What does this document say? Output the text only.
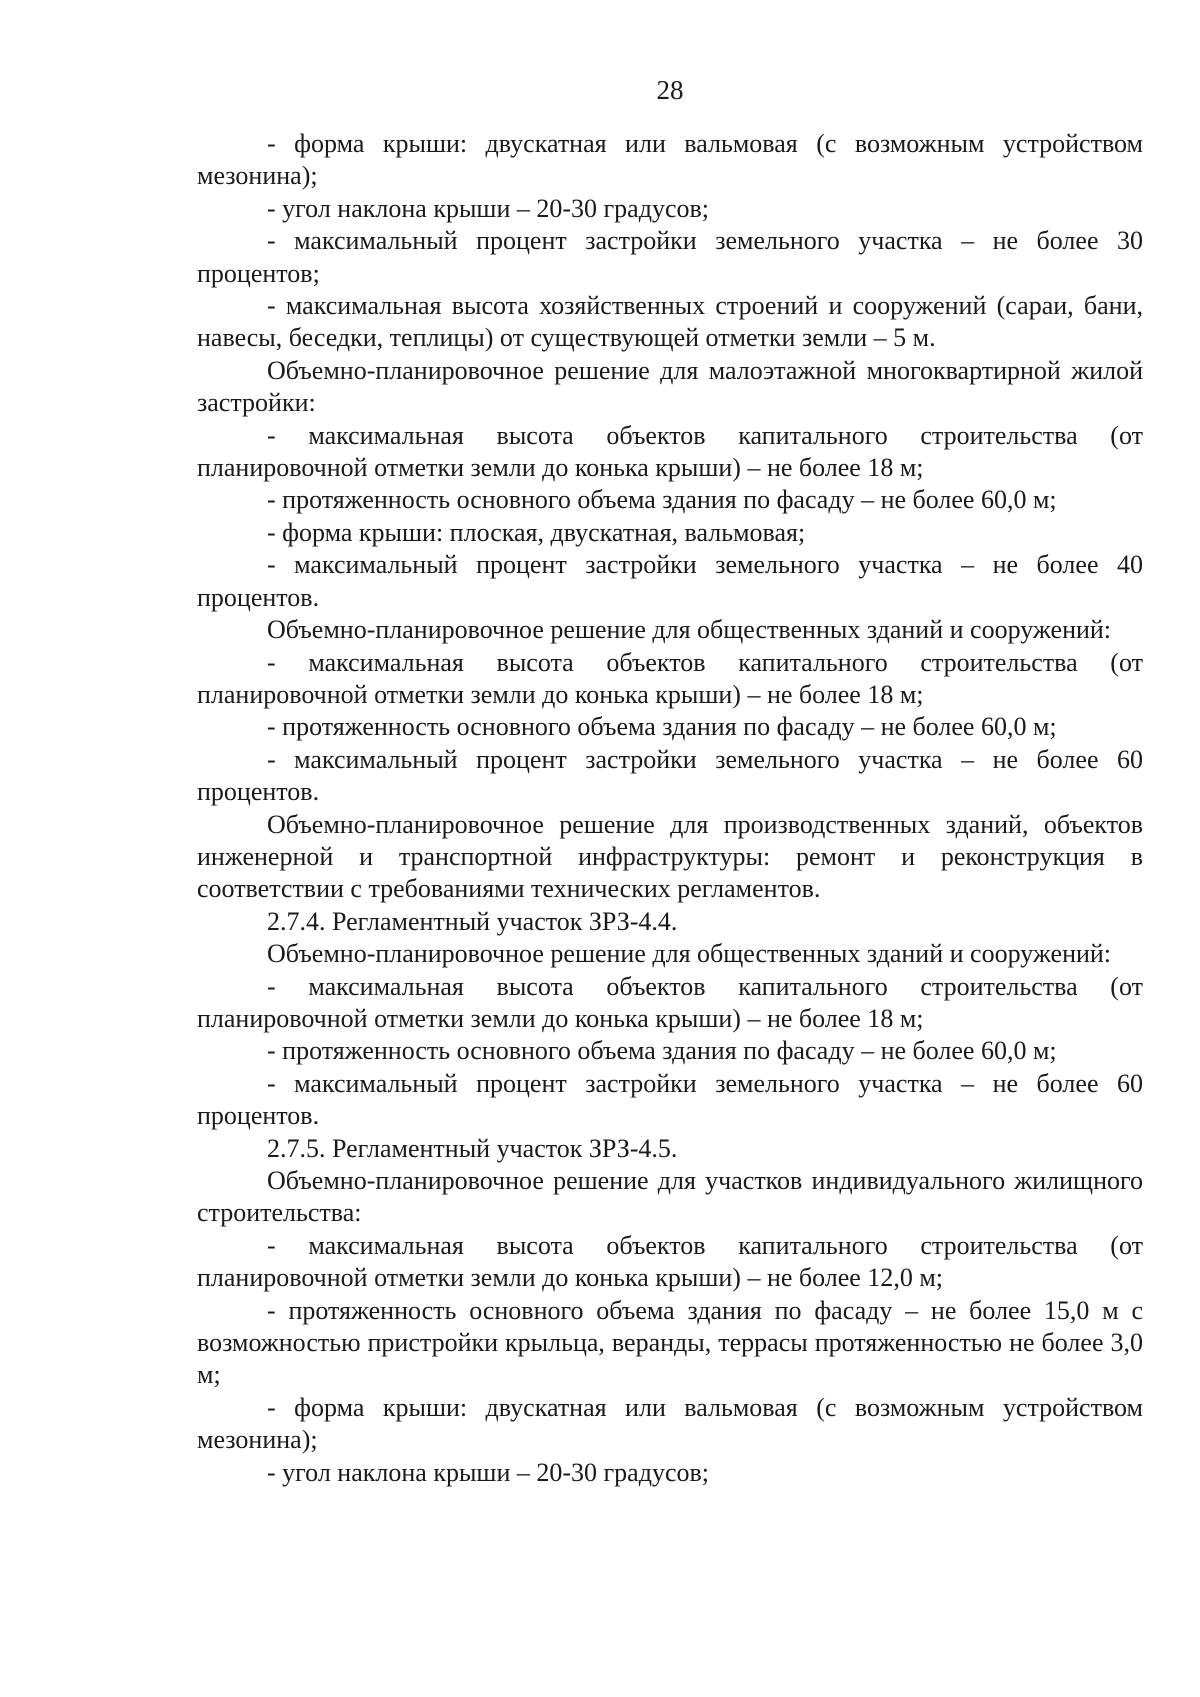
28

- форма крыши: двускатная или вальмовая (с возможным устройством мезонина);

- угол наклона крыши – 20-30 градусов;

- максимальный процент застройки земельного участка – не более 30 процентов;

- максимальная высота хозяйственных строений и сооружений (сараи, бани, навесы, беседки, теплицы) от существующей отметки земли – 5 м.

Объемно-планировочное решение для малоэтажной многоквартирной жилой застройки:

- максимальная высота объектов капитального строительства (от планировочной отметки земли до конька крыши) – не более 18 м;

- протяженность основного объема здания по фасаду – не более 60,0 м;

- форма крыши: плоская, двускатная, вальмовая;

- максимальный процент застройки земельного участка – не более 40 процентов.

Объемно-планировочное решение для общественных зданий и сооружений:

- максимальная высота объектов капитального строительства (от планировочной отметки земли до конька крыши) – не более 18 м;

- протяженность основного объема здания по фасаду – не более 60,0 м;

- максимальный процент застройки земельного участка – не более 60 процентов.

Объемно-планировочное решение для производственных зданий, объектов инженерной и транспортной инфраструктуры: ремонт и реконструкция в соответствии с требованиями технических регламентов.

2.7.4. Регламентный участок ЗРЗ-4.4.

Объемно-планировочное решение для общественных зданий и сооружений:

- максимальная высота объектов капитального строительства (от планировочной отметки земли до конька крыши) – не более 18 м;

- протяженность основного объема здания по фасаду – не более 60,0 м;

- максимальный процент застройки земельного участка – не более 60 процентов.

2.7.5. Регламентный участок ЗРЗ-4.5.

Объемно-планировочное решение для участков индивидуального жилищного строительства:

- максимальная высота объектов капитального строительства (от планировочной отметки земли до конька крыши) – не более 12,0 м;

- протяженность основного объема здания по фасаду – не более 15,0 м с возможностью пристройки крыльца, веранды, террасы протяженностью не более 3,0 м;

- форма крыши: двускатная или вальмовая (с возможным устройством мезонина);

- угол наклона крыши – 20-30 градусов;
